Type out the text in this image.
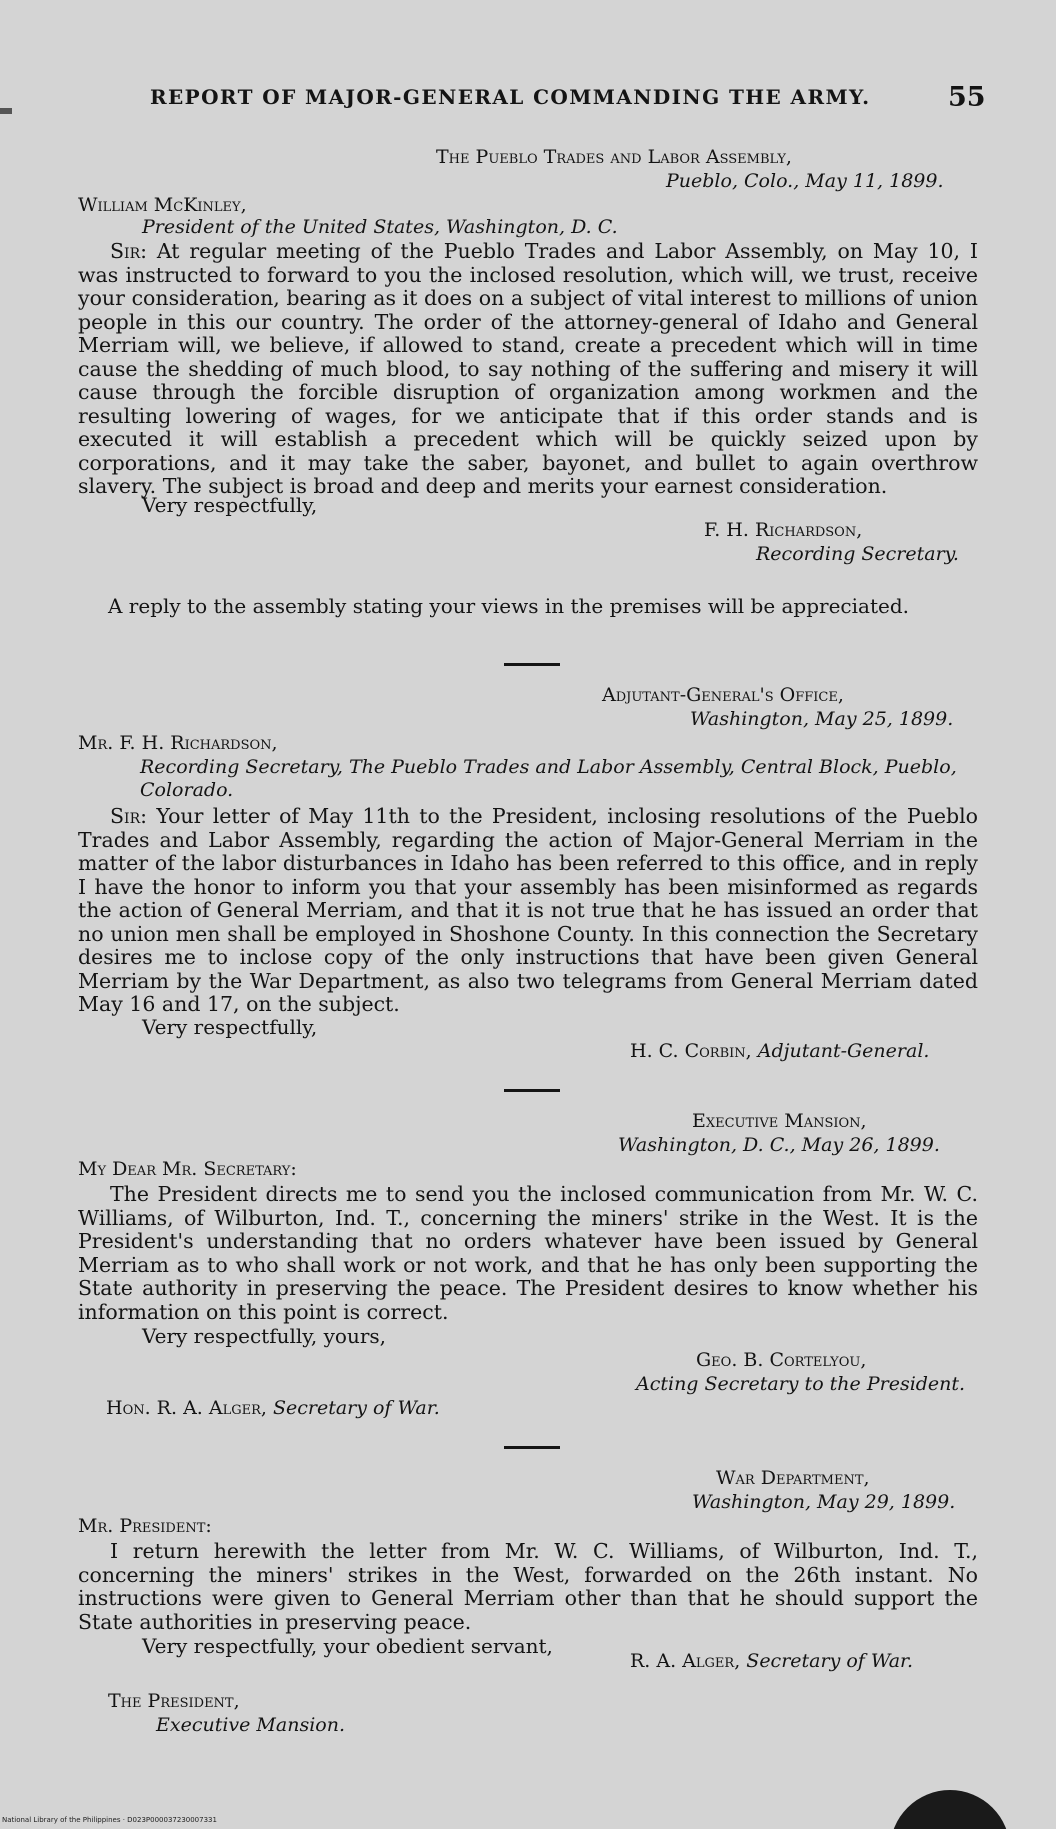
REPORT OF MAJOR-GENERAL COMMANDING THE ARMY.	55
The Pueblo Trades and Labor Assembly,
Pueblo, Colo., May 11, 1899.
William McKinley,
President of the United States, Washington, D. C.
Sir: At regular meeting of the Pueblo Trades and Labor Assembly, on May 10, I was instructed to forward to you the inclosed resolution, which will, we trust, receive your consideration, bearing as it does on a subject of vital interest to millions of union people in this our country. The order of the attorney-general of Idaho and General Merriam will, we believe, if allowed to stand, create a precedent which will in time cause the shedding of much blood, to say nothing of the suffering and misery it will cause through the forcible disruption of organization among workmen and the resulting lowering of wages, for we anticipate that if this order stands and is executed it will establish a precedent which will be quickly seized upon by corporations, and it may take the saber, bayonet, and bullet to again overthrow slavery. The subject is broad and deep and merits your earnest consideration.
Very respectfully,
F. H. Richardson,
Recording Secretary.
A reply to the assembly stating your views in the premises will be appreciated.
Adjutant-General's Office,
Washington, May 25, 1899.
Mr. F. H. Richardson,
Recording Secretary, The Pueblo Trades and Labor Assembly, Central Block, Pueblo, Colorado.
Sir: Your letter of May 11th to the President, inclosing resolutions of the Pueblo Trades and Labor Assembly, regarding the action of Major-General Merriam in the matter of the labor disturbances in Idaho has been referred to this office, and in reply I have the honor to inform you that your assembly has been misinformed as regards the action of General Merriam, and that it is not true that he has issued an order that no union men shall be employed in Shoshone County. In this connection the Secretary desires me to inclose copy of the only instructions that have been given General Merriam by the War Department, as also two telegrams from General Merriam dated May 16 and 17, on the subject.
Very respectfully,
H. C. Corbin, Adjutant-General.
Executive Mansion,
Washington, D. C., May 26, 1899.
My Dear Mr. Secretary:
The President directs me to send you the inclosed communication from Mr. W. C. Williams, of Wilburton, Ind. T., concerning the miners' strike in the West. It is the President's understanding that no orders whatever have been issued by General Merriam as to who shall work or not work, and that he has only been supporting the State authority in preserving the peace. The President desires to know whether his information on this point is correct.
Very respectfully, yours,
Geo. B. Cortelyou,
Acting Secretary to the President.
Hon. R. A. Alger, Secretary of War.
War Department,
Washington, May 29, 1899.
Mr. President:
I return herewith the letter from Mr. W. C. Williams, of Wilburton, Ind. T., concerning the miners' strikes in the West, forwarded on the 26th instant. No instructions were given to General Merriam other than that he should support the State authorities in preserving peace.
Very respectfully, your obedient servant,
R. A. Alger, Secretary of War.
The President,
Executive Mansion.
National Library of the Philippines · D023P000037230007331
